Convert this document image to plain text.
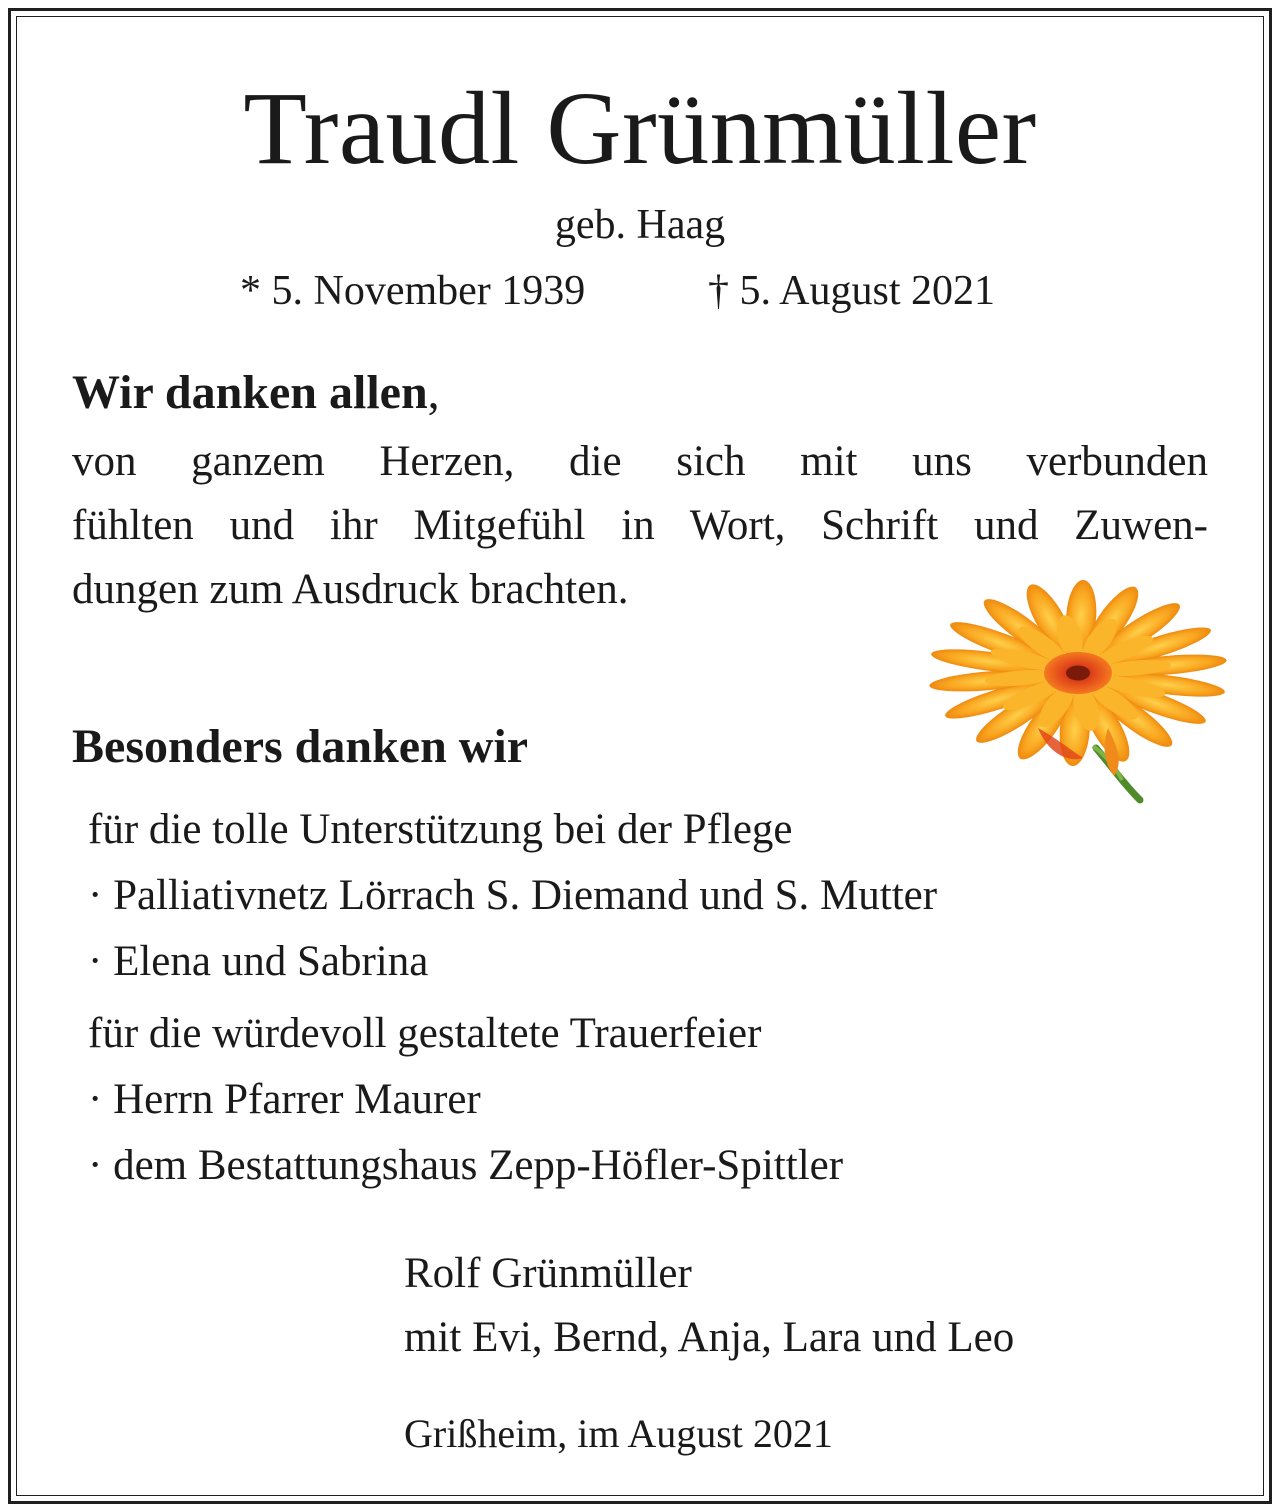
Traudl Grünmüller
geb. Haag
* 5. November 1939	† 5. August 2021
Wir danken allen,
von ganzem Herzen, die sich mit uns verbunden
fühlten und ihr Mitgefühl in Wort, Schrift und Zuwen-
dungen zum Ausdruck brachten.
Besonders danken wir
für die tolle Unterstützung bei der Pflege
· Palliativnetz Lörrach S. Diemand und S. Mutter
· Elena und Sabrina
für die würdevoll gestaltete Trauerfeier
· Herrn Pfarrer Maurer
· dem Bestattungshaus Zepp-Höfler-Spittler
Rolf Grünmüller
mit Evi, Bernd, Anja, Lara und Leo
Grißheim, im August 2021
